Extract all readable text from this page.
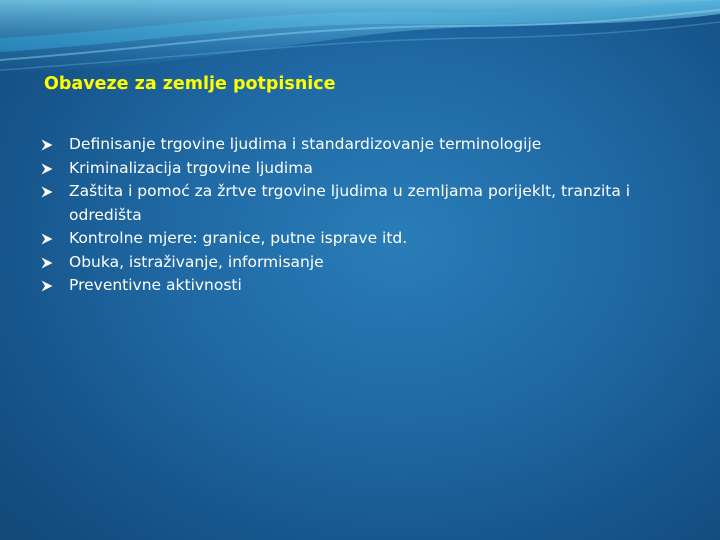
Obaveze za zemlje potpisnice
Definisanje trgovine ljudima i standardizovanje terminologije
Kriminalizacija trgovine ljudima
Zaštita i pomoć za žrtve trgovine ljudima u zemljama porijeklt, tranzita i odredišta
Kontrolne mjere: granice, putne isprave itd.
Obuka, istraživanje, informisanje
Preventivne aktivnosti
